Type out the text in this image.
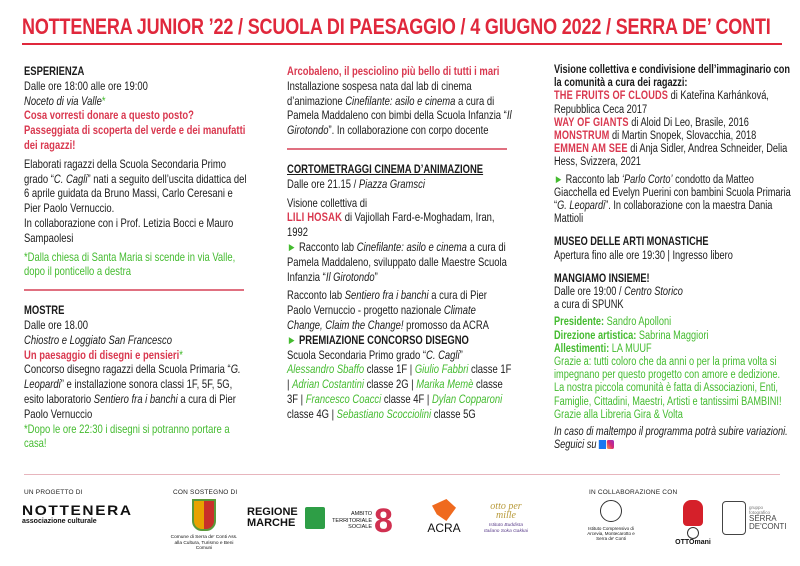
NOTTENERA JUNIOR ’22 / SCUOLA DI PAESAGGIO / 4 GIUGNO 2022 / SERRA DE’ CONTI
ESPERIENZA
Dalle ore 18:00 alle ore 19:00
Noceto di via Valle*
Cosa vorresti donare a questo posto? Passeggiata di scoperta del verde e dei manufatti dei ragazzi!
Elaborati ragazzi della Scuola Secondaria Primo grado “C. Cagli” nati a seguito dell’uscita didattica del 6 aprile guidata da Bruno Massi, Carlo Ceresani e Pier Paolo Vernuccio.
In collaborazione con i Prof. Letizia Bocci e Mauro Sampaolesi
*Dalla chiesa di Santa Maria si scende in via Valle, dopo il ponticello a destra
MOSTRE
Dalle ore 18.00
Chiostro e Loggiato San Francesco
Un paesaggio di disegni e pensieri*
Concorso disegno ragazzi della Scuola Primaria “G. Leopardi” e installazione sonora classi 1F, 5F, 5G, esito laboratorio Sentiero fra i banchi a cura di Pier Paolo Vernuccio
*Dopo le ore 22:30 i disegni si potranno portare a casa!
Arcobaleno, il pesciolino più bello di tutti i mari
Installazione sospesa nata dal lab di cinema d’animazione Cinefilante: asilo e cinema a cura di Pamela Maddaleno con bimbi della Scuola Infanzia “Il Girotondo”. In collaborazione con corpo docente
CORTOMETRAGGI CINEMA D’ANIMAZIONE
Dalle ore 21.15 / Piazza Gramsci
Visione collettiva di
LILI HOSAK di Vajiollah Fard-e-Moghadam, Iran, 1992
► Racconto lab Cinefilante: asilo e cinema a cura di Pamela Maddaleno, sviluppato dalle Maestre Scuola Infanzia “Il Girotondo”
Racconto lab Sentiero fra i banchi a cura di Pier Paolo Vernuccio - progetto nazionale Climate Change, Claim the Change! promosso da ACRA
► PREMIAZIONE CONCORSO DISEGNO
Scuola Secondaria Primo grado “C. Cagli”
Alessandro Sbaffo classe 1F | Giulio Fabbri classe 1F | Adrian Costantini classe 2G | Marika Memè classe 3F | Francesco Coacci classe 4F | Dylan Copparoni classe 4G | Sebastiano Scocciolini classe 5G
Visione collettiva e condivisione dell’immaginario con la comunità a cura dei ragazzi:
THE FRUITS OF CLOUDS di Kateřina Karhánková, Repubblica Ceca 2017
WAY OF GIANTS di Aloid Di Leo, Brasile, 2016
MONSTRUM di Martin Snopek, Slovacchia, 2018
EMMEN AM SEE di Anja Sidler, Andrea Schneider, Delia Hess, Svizzera, 2021
► Racconto lab ‘Parlo Corto’ condotto da Matteo Giacchella ed Evelyn Puerini con bambini Scuola Primaria “G. Leopardi”. In collaborazione con la maestra Dania Mattioli
MUSEO DELLE ARTI MONASTICHE
Apertura fino alle ore 19:30 | Ingresso libero
MANGIAMO INSIEME!
Dalle ore 19:00 / Centro Storico
a cura di SPUNK
Presidente: Sandro Apolloni
Direzione artistica: Sabrina Maggiori
Allestimenti: LA MUUF
Grazie a: tutti coloro che da anni o per la prima volta si impegnano per questo progetto con amore e dedizione. La nostra piccola comunità è fatta di Associazioni, Enti, Famiglie, Cittadini, Maestri, Artisti e tantissimi BAMBINI! Grazie alla Libreria Gira & Volta
In caso di maltempo il programma potrà subire variazioni.
Seguici su
UN PROGETTO DI	CON SOSTEGNO DI	IN COLLABORAZIONE CON
NOTTENERA
associazione culturale
Comune di Serra de' Conti Ass. alla Cultura, Turismo e Beni Comuni
REGIONE MARCHE
AMBITO TERRITORIALE SOCIALE 8	ACRA
otto per mille
Istituto Buddista Italiano Soka Gakkai	Istituto Comprensivo di Arcevia, Montecarotto e Serra de' Conti
OTTOmani
gruppo fotografico
SERRA DE'CONTI
